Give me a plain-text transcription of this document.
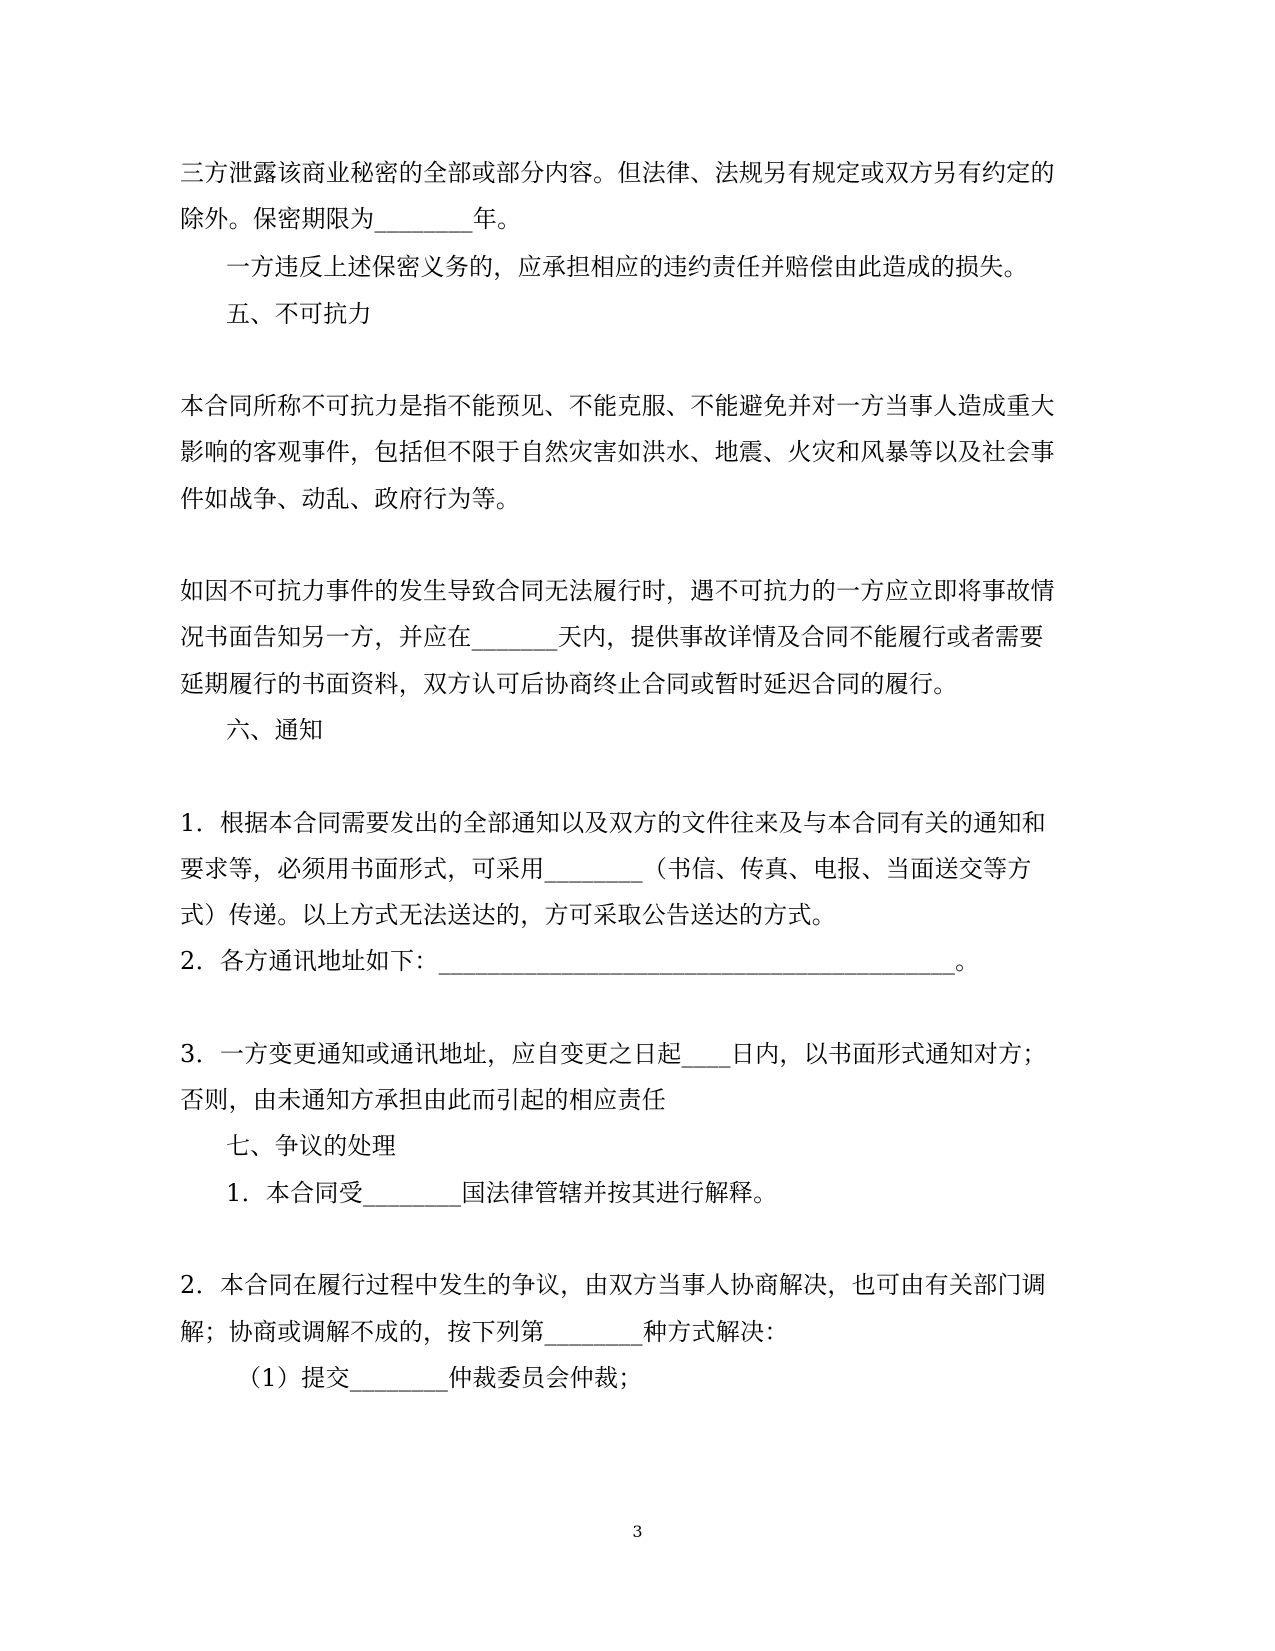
三方泄露该商业秘密的全部或部分内容。但法律、法规另有规定或双方另有约定的
除外。保密期限为________年。
一方违反上述保密义务的，应承担相应的违约责任并赔偿由此造成的损失。
五、不可抗力
本合同所称不可抗力是指不能预见、不能克服、不能避免并对一方当事人造成重大
影响的客观事件，包括但不限于自然灾害如洪水、地震、火灾和风暴等以及社会事
件如战争、动乱、政府行为等。
如因不可抗力事件的发生导致合同无法履行时，遇不可抗力的一方应立即将事故情
况书面告知另一方，并应在_______天内，提供事故详情及合同不能履行或者需要
延期履行的书面资料，双方认可后协商终止合同或暂时延迟合同的履行。
六、通知
1．根据本合同需要发出的全部通知以及双方的文件往来及与本合同有关的通知和
要求等，必须用书面形式，可采用________（书信、传真、电报、当面送交等方
式）传递。以上方式无法送达的，方可采取公告送达的方式。
2．各方通讯地址如下：__________________________________________。
3．一方变更通知或通讯地址，应自变更之日起____日内，以书面形式通知对方；
否则，由未通知方承担由此而引起的相应责任
七、争议的处理
1．本合同受________国法律管辖并按其进行解释。
2．本合同在履行过程中发生的争议，由双方当事人协商解决，也可由有关部门调
解；协商或调解不成的，按下列第________种方式解决：
（1）提交________仲裁委员会仲裁；
3
